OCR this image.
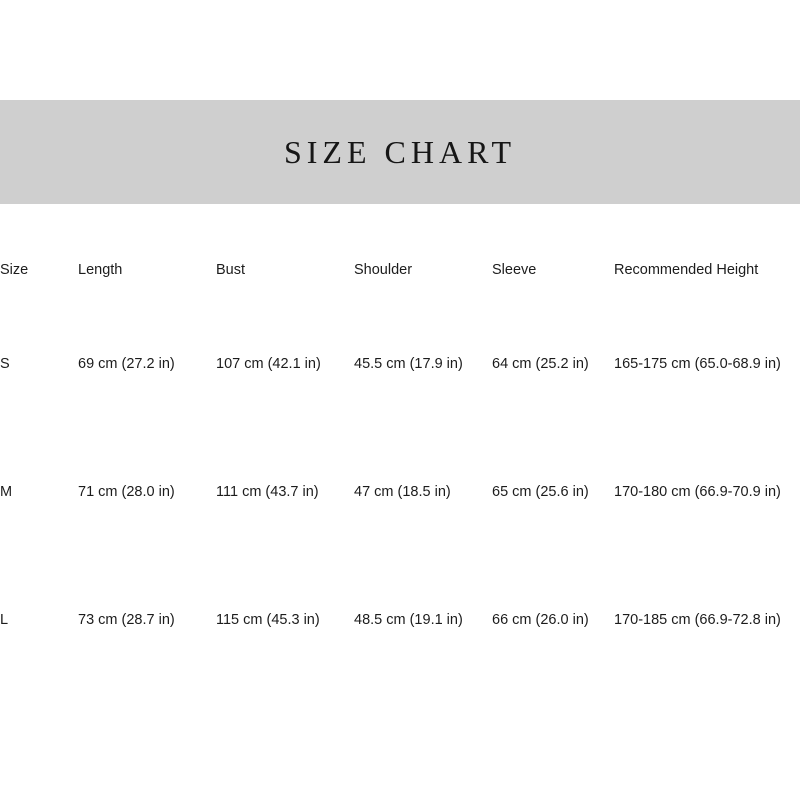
SIZE CHART
Size	Length	Bust	Shoulder	Sleeve	Recommended Height
S	69 cm (27.2 in)	107 cm (42.1 in)	45.5 cm (17.9 in)	64 cm (25.2 in)	165-175 cm (65.0-68.9 in)
M	71 cm (28.0 in)	111 cm (43.7 in)	47 cm (18.5 in)	65 cm (25.6 in)	170-180 cm (66.9-70.9 in)
L	73 cm (28.7 in)	115 cm (45.3 in)	48.5 cm (19.1 in)	66 cm (26.0 in)	170-185 cm (66.9-72.8 in)
